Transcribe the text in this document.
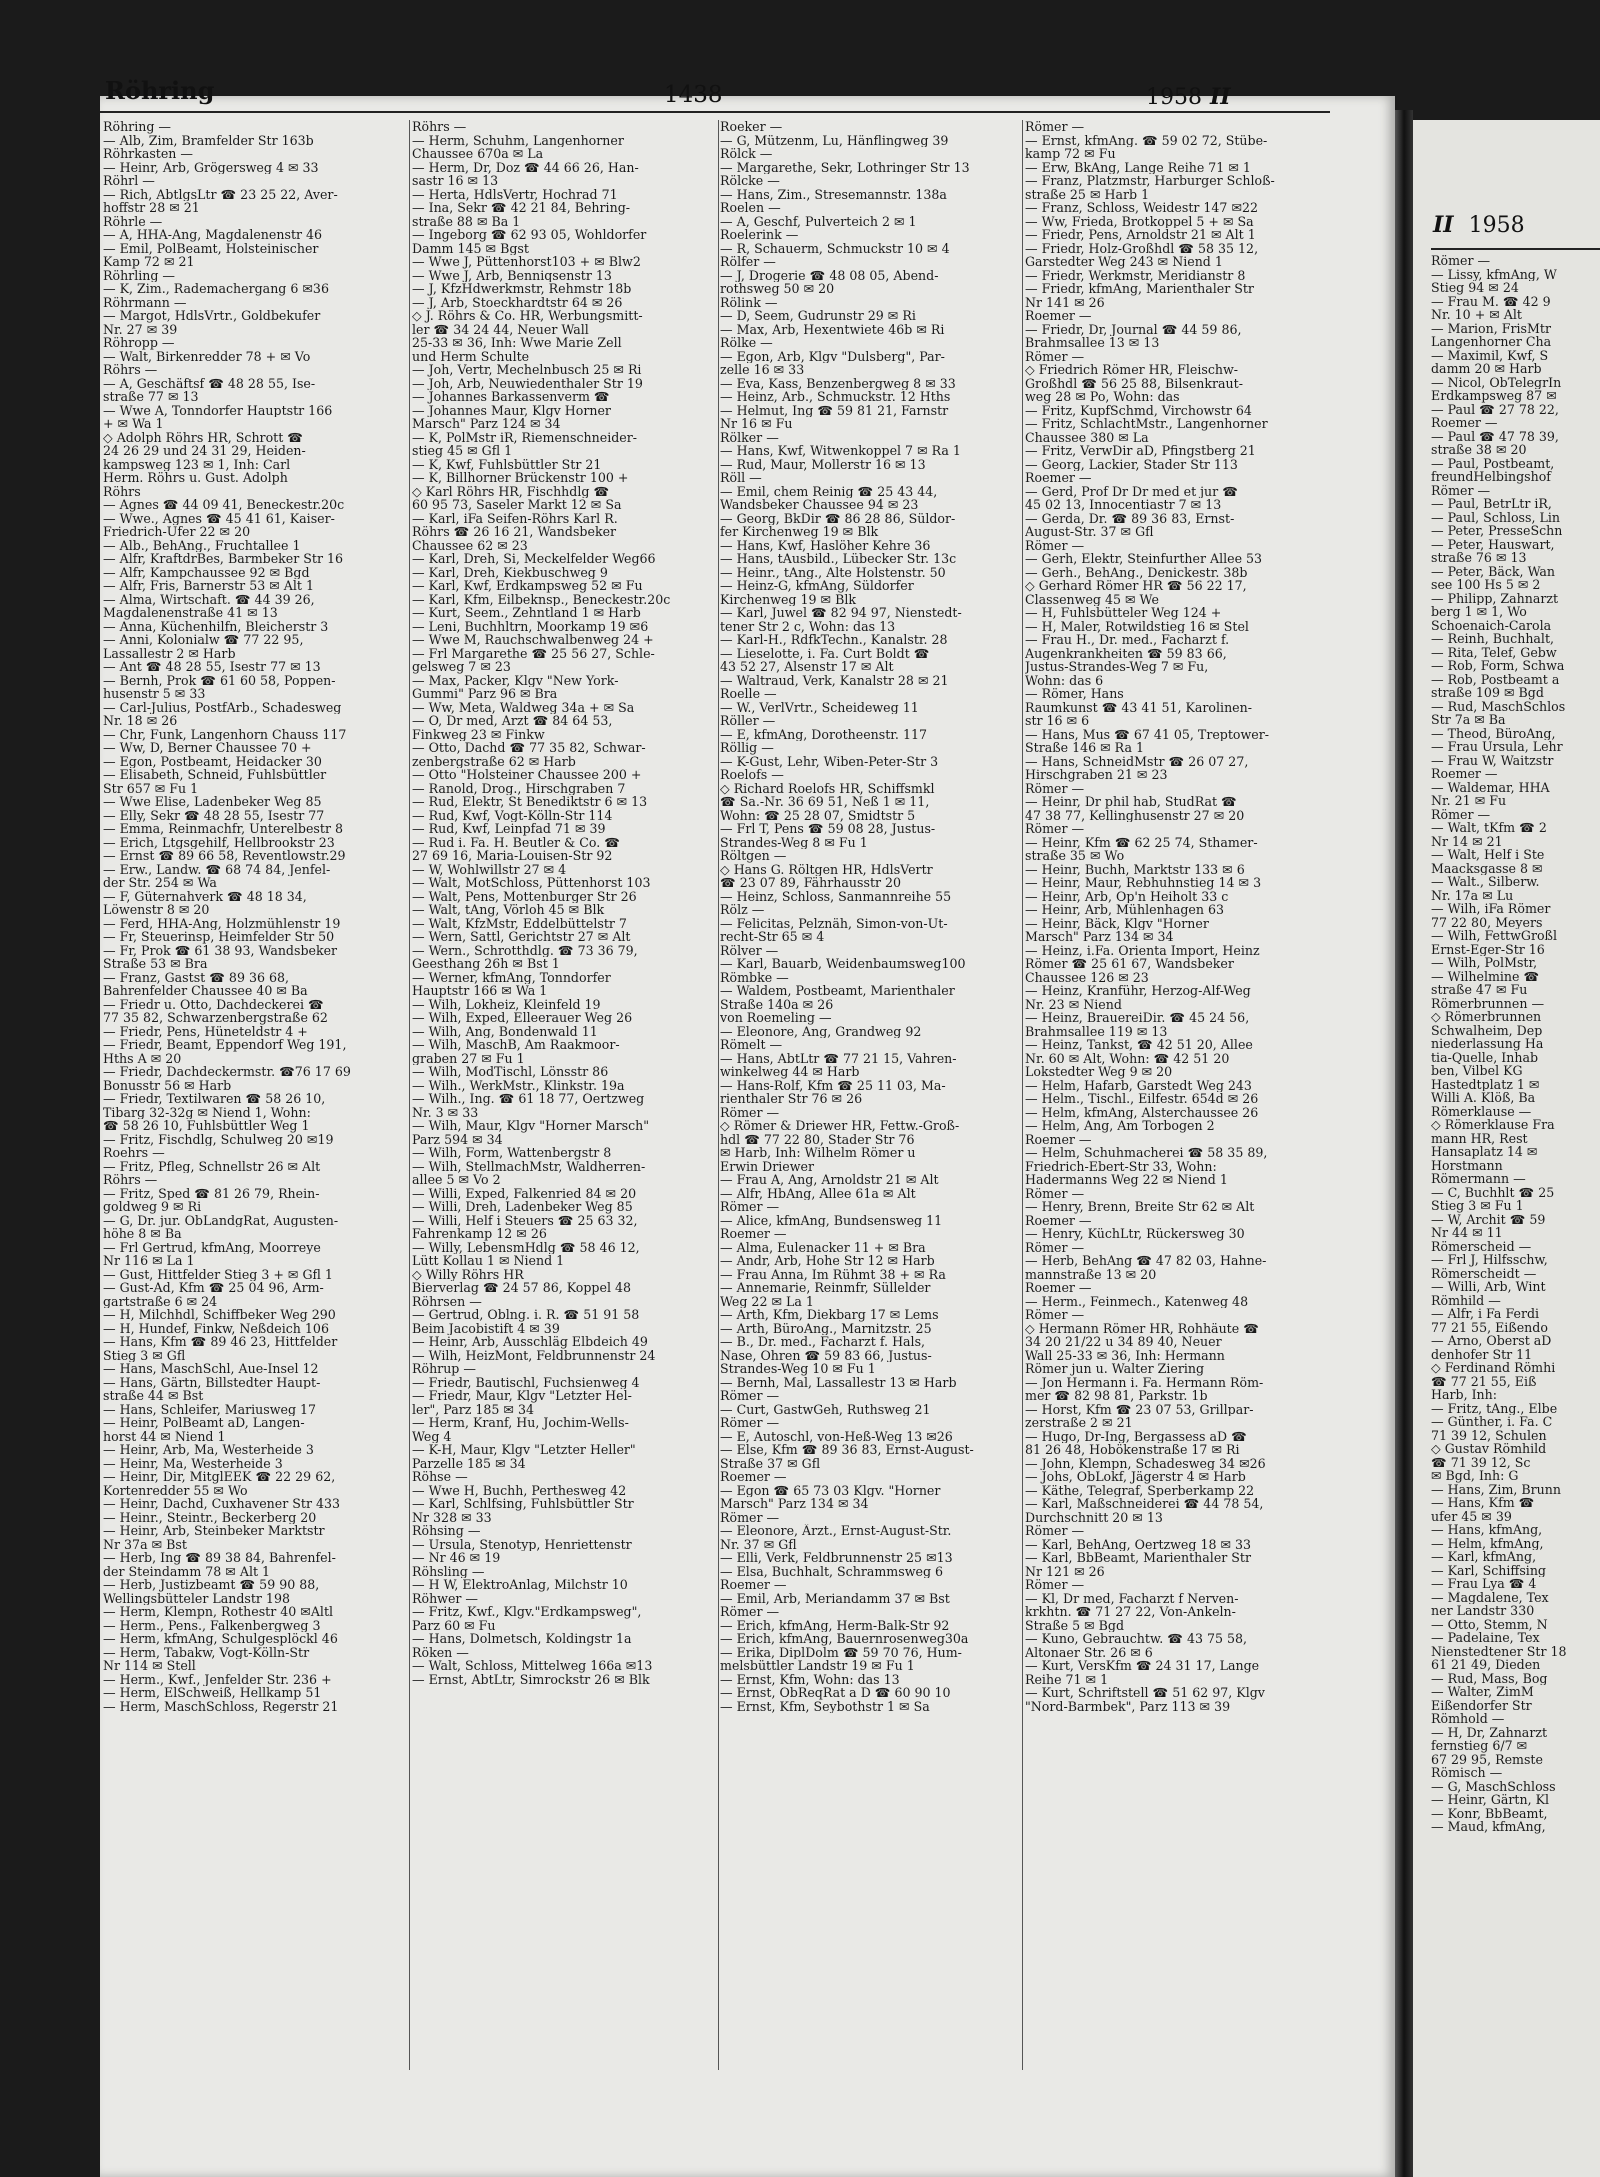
II 1958
Römer —
— Lissy, kfmAng, W
Stieg 94 ✉ 24
— Frau M. ☎ 42 9
Nr. 10 + ✉ Alt
— Marion, FrisMtr
Langenhorner Cha
— Maximil, Kwf, S
damm 20 ✉ Harb
— Nicol, ObTelegrIn
Erdkampsweg 87 ✉
— Paul ☎ 27 78 22,
Roemer —
— Paul ☎ 47 78 39,
straße 38 ✉ 20
— Paul, Postbeamt,
freundHelbingshof
Römer —
— Paul, BetrLtr iR,
— Paul, Schloss, Lin
— Peter, PresseSchn
— Peter, Hauswart,
straße 76 ✉ 13
— Peter, Bäck, Wan
see 100 Hs 5 ✉ 2
— Philipp, Zahnarzt
berg 1 ✉ 1, Wo
Schoenaich-Carola
— Reinh, Buchhalt,
— Rita, Telef, Gebw
— Rob, Form, Schwa
— Rob, Postbeamt a
straße 109 ✉ Bgd
— Rud, MaschSchlos
Str 7a ✉ Ba
— Theod, BüroAng,
— Frau Ursula, Lehr
— Frau W, Waitzstr
Roemer —
— Waldemar, HHA
Nr. 21 ✉ Fu
Römer —
— Walt, tKfm ☎ 2
Nr 14 ✉ 21
— Walt, Helf i Ste
Maacksgasse 8 ✉
— Walt., Silberw.
Nr. 17a ✉ Lu
— Wilh, iFa Römer
77 22 80, Meyers
— Wilh, FettwGroßl
Ernst-Eger-Str 16
— Wilh, PolMstr,
— Wilhelmine ☎
straße 47 ✉ Fu
Römerbrunnen —
◇ Römerbrunnen
Schwalheim, Dep
niederlassung Ha
tia-Quelle, Inhab
ben, Vilbel KG
Hastedtplatz 1 ✉
Willi A. Klöß, Ba
Römerklause —
◇ Römerklause Fra
mann HR, Rest
Hansaplatz 14 ✉
Horstmann
Römermann —
— C, Buchhlt ☎ 25
Stieg 3 ✉ Fu 1
— W, Archit ☎ 59
Nr 44 ✉ 11
Römerscheid —
— Frl J, Hilfsschw,
Römerscheidt —
— Willi, Arb, Wint
Römhild —
— Alfr, i Fa Ferdi
77 21 55, Eißendo
— Arno, Oberst aD
denhofer Str 11
◇ Ferdinand Römhi
☎ 77 21 55, Eiß
Harb, Inh:
— Fritz, tAng., Elbe
— Günther, i. Fa. C
71 39 12, Schulen
◇ Gustav Römhild
☎ 71 39 12, Sc
✉ Bgd, Inh: G
— Hans, Zim, Brunn
— Hans, Kfm ☎
ufer 45 ✉ 39
— Hans, kfmAng,
— Helm, kfmAng,
— Karl, kfmAng,
— Karl, Schiffsing
— Frau Lya ☎ 4
— Magdalene, Tex
ner Landstr 330
— Otto, Stemm, N
— Padelaine, Tex
Nienstedtener Str 18
61 21 49, Dieden
— Rud, Mass, Bog
— Walter, ZimM
Eißendorfer Str
Römhold —
— H, Dr, Zahnarzt
fernstieg 6/7 ✉
67 29 95, Remste
Römisch —
— G, MaschSchloss
— Heinr, Gärtn, Kl
— Konr, BbBeamt,
— Maud, kfmAng,
Röhring	1438	1958 II
Röhring —
— Alb, Zim, Bramfelder Str 163b
Röhrkasten —
— Heinr, Arb, Grögersweg 4 ✉ 33
Röhrl —
— Rich, AbtlgsLtr ☎ 23 25 22, Aver-
hoffstr 28 ✉ 21
Röhrle —
— A, HHA-Ang, Magdalenenstr 46
— Emil, PolBeamt, Holsteinischer
Kamp 72 ✉ 21
Röhrling —
— K, Zim., Rademachergang 6 ✉36
Röhrmann —
— Margot, HdlsVrtr., Goldbekufer
Nr. 27 ✉ 39
Röhropp —
— Walt, Birkenredder 78 + ✉ Vo
Röhrs —
— A, Geschäftsf ☎ 48 28 55, Ise-
straße 77 ✉ 13
— Wwe A, Tonndorfer Hauptstr 166
+ ✉ Wa 1
◇ Adolph Röhrs HR, Schrott ☎
24 26 29 und 24 31 29, Heiden-
kampsweg 123 ✉ 1, Inh: Carl
Herm. Röhrs u. Gust. Adolph
Röhrs
— Agnes ☎ 44 09 41, Beneckestr.20c
— Wwe., Agnes ☎ 45 41 61, Kaiser-
Friedrich-Ufer 22 ✉ 20
— Alb., BehAng., Fruchtallee 1
— Alfr, KraftdrBes, Barmbeker Str 16
— Alfr, Kampchaussee 92 ✉ Bgd
— Alfr, Fris, Barnerstr 53 ✉ Alt 1
— Alma, Wirtschaft. ☎ 44 39 26,
Magdalenenstraße 41 ✉ 13
— Anna, Küchenhilfn, Bleicherstr 3
— Anni, Kolonialw ☎ 77 22 95,
Lassallestr 2 ✉ Harb
— Ant ☎ 48 28 55, Isestr 77 ✉ 13
— Bernh, Prok ☎ 61 60 58, Poppen-
husenstr 5 ✉ 33
— Carl-Julius, PostfArb., Schadesweg
Nr. 18 ✉ 26
— Chr, Funk, Langenhorn Chauss 117
— Ww, D, Berner Chaussee 70 +
— Egon, Postbeamt, Heidacker 30
— Elisabeth, Schneid, Fuhlsbüttler
Str 657 ✉ Fu 1
— Wwe Elise, Ladenbeker Weg 85
— Elly, Sekr ☎ 48 28 55, Isestr 77
— Emma, Reinmachfr, Unterelbestr 8
— Erich, Ltgsgehilf, Hellbrookstr 23
— Ernst ☎ 89 66 58, Reventlowstr.29
— Erw., Landw. ☎ 68 74 84, Jenfel-
der Str. 254 ✉ Wa
— F, Güternahverk ☎ 48 18 34,
Löwenstr 8 ✉ 20
— Ferd, HHA-Ang, Holzmühlenstr 19
— Fr, Steuerinsp, Heimfelder Str 50
— Fr, Prok ☎ 61 38 93, Wandsbeker
Straße 53 ✉ Bra
— Franz, Gastst ☎ 89 36 68,
Bahrenfelder Chaussee 40 ✉ Ba
— Friedr u. Otto, Dachdeckerei ☎
77 35 82, Schwarzenbergstraße 62
— Friedr, Pens, Hüneteldstr 4 +
— Friedr, Beamt, Eppendorf Weg 191,
Hths A ✉ 20
— Friedr, Dachdeckermstr. ☎76 17 69
Bonusstr 56 ✉ Harb
— Friedr, Textilwaren ☎ 58 26 10,
Tibarg 32-32g ✉ Niend 1, Wohn:
☎ 58 26 10, Fuhlsbüttler Weg 1
— Fritz, Fischdlg, Schulweg 20 ✉19
Roehrs —
— Fritz, Pfleg, Schnellstr 26 ✉ Alt
Röhrs —
— Fritz, Sped ☎ 81 26 79, Rhein-
goldweg 9 ✉ Ri
— G, Dr. jur. ObLandgRat, Augusten-
höhe 8 ✉ Ba
— Frl Gertrud, kfmAng, Moorreye
Nr 116 ✉ La 1
— Gust, Hittfelder Stieg 3 + ✉ Gfl 1
— Gust-Ad, Kfm ☎ 25 04 96, Arm-
gartstraße 6 ✉ 24
— H, Milchhdl, Schiffbeker Weg 290
— H, Hundef, Finkw, Neßdeich 106
— Hans, Kfm ☎ 89 46 23, Hittfelder
Stieg 3 ✉ Gfl
— Hans, MaschSchl, Aue-Insel 12
— Hans, Gärtn, Billstedter Haupt-
straße 44 ✉ Bst
— Hans, Schleifer, Mariusweg 17
— Heinr, PolBeamt aD, Langen-
horst 44 ✉ Niend 1
— Heinr, Arb, Ma, Westerheide 3
— Heinr, Ma, Westerheide 3
— Heinr, Dir, MitglEEK ☎ 22 29 62,
Kortenredder 55 ✉ Wo
— Heinr, Dachd, Cuxhavener Str 433
— Heinr., Steintr., Beckerberg 20
— Heinr, Arb, Steinbeker Marktstr
Nr 37a ✉ Bst
— Herb, Ing ☎ 89 38 84, Bahrenfel-
der Steindamm 78 ✉ Alt 1
— Herb, Justizbeamt ☎ 59 90 88,
Wellingsbütteler Landstr 198
— Herm, Klempn, Rothestr 40 ✉Altl
— Herm., Pens., Falkenbergweg 3
— Herm, kfmAng, Schulgesplöckl 46
— Herm, Tabakw, Vogt-Kölln-Str
Nr 114 ✉ Stell
— Herm., Kwf., Jenfelder Str. 236 +
— Herm, ElSchweiß, Hellkamp 51
— Herm, MaschSchloss, Regerstr 21
Röhrs —
— Herm, Schuhm, Langenhorner
Chaussee 670a ✉ La
— Herm, Dr, Doz ☎ 44 66 26, Han-
sastr 16 ✉ 13
— Herta, HdlsVertr, Hochrad 71
— Ina, Sekr ☎ 42 21 84, Behring-
straße 88 ✉ Ba 1
— Ingeborg ☎ 62 93 05, Wohldorfer
Damm 145 ✉ Bgst
— Wwe J, Püttenhorst103 + ✉ Blw2
— Wwe J, Arb, Benniqsenstr 13
— J, KfzHdwerkmstr, Rehmstr 18b
— J, Arb, Stoeckhardtstr 64 ✉ 26
◇ J. Röhrs & Co. HR, Werbungsmitt-
ler ☎ 34 24 44, Neuer Wall
25-33 ✉ 36, Inh: Wwe Marie Zell
und Herm Schulte
— Joh, Vertr, Mechelnbusch 25 ✉ Ri
— Joh, Arb, Neuwiedenthaler Str 19
— Johannes Barkassenverm ☎
— Johannes Maur, Klgv Horner
Marsch" Parz 124 ✉ 34
— K, PolMstr iR, Riemenschneider-
stieg 45 ✉ Gfl 1
— K, Kwf, Fuhlsbüttler Str 21
— K, Billhorner Brückenstr 100 +
◇ Karl Röhrs HR, Fischhdlg ☎
60 95 73, Saseler Markt 12 ✉ Sa
— Karl, iFa Seifen-Röhrs Karl R.
Röhrs ☎ 26 16 21, Wandsbeker
Chaussee 62 ✉ 23
— Karl, Dreh, Si, Meckelfelder Weg66
— Karl, Dreh, Kiekbuschweg 9
— Karl, Kwf, Erdkampsweg 52 ✉ Fu
— Karl, Kfm, Eilbeknsp., Beneckestr.20c
— Kurt, Seem., Zehntland 1 ✉ Harb
— Leni, Buchhltrn, Moorkamp 19 ✉6
— Wwe M, Rauchschwalbenweg 24 +
— Frl Margarethe ☎ 25 56 27, Schle-
gelsweg 7 ✉ 23
— Max, Packer, Klgv "New York-
Gummi" Parz 96 ✉ Bra
— Ww, Meta, Waldweg 34a + ✉ Sa
— O, Dr med, Arzt ☎ 84 64 53,
Finkweg 23 ✉ Finkw
— Otto, Dachd ☎ 77 35 82, Schwar-
zenbergstraße 62 ✉ Harb
— Otto "Holsteiner Chaussee 200 +
— Ranold, Drog., Hirschgraben 7
— Rud, Elektr, St Benediktstr 6 ✉ 13
— Rud, Kwf, Vogt-Kölln-Str 114
— Rud, Kwf, Leinpfad 71 ✉ 39
— Rud i. Fa. H. Beutler & Co. ☎
27 69 16, Maria-Louisen-Str 92
— W, Wohlwillstr 27 ✉ 4
— Walt, MotSchloss, Püttenhorst 103
— Walt, Pens, Mottenburger Str 26
— Walt, tAng, Vörloh 45 ✉ Blk
— Walt, KfzMstr, Eddelbüttelstr 7
— Wern, Sattl, Gerichtstr 27 ✉ Alt
— Wern., Schrotthdlg. ☎ 73 36 79,
Geesthang 26h ✉ Bst 1
— Werner, kfmAng, Tonndorfer
Hauptstr 166 ✉ Wa 1
— Wilh, Lokheiz, Kleinfeld 19
— Wilh, Exped, Elleerauer Weg 26
— Wilh, Ang, Bondenwald 11
— Wilh, MaschB, Am Raakmoor-
graben 27 ✉ Fu 1
— Wilh, ModTischl, Lönsstr 86
— Wilh., WerkMstr., Klinkstr. 19a
— Wilh., Ing. ☎ 61 18 77, Oertzweg
Nr. 3 ✉ 33
— Wilh, Maur, Klgv "Horner Marsch"
Parz 594 ✉ 34
— Wilh, Form, Wattenbergstr 8
— Wilh, StellmachMstr, Waldherren-
allee 5 ✉ Vo 2
— Willi, Exped, Falkenried 84 ✉ 20
— Willi, Dreh, Ladenbeker Weg 85
— Willi, Helf i Steuers ☎ 25 63 32,
Fahrenkamp 12 ✉ 26
— Willy, LebensmHdlg ☎ 58 46 12,
Lütt Kollau 1 ✉ Niend 1
◇ Willy Röhrs HR
Bierverlag ☎ 24 57 86, Koppel 48
Röhrsen —
— Gertrud, Oblng. i. R. ☎ 51 91 58
Beim Jacobistift 4 ✉ 39
— Heinr, Arb, Ausschläg Elbdeich 49
— Wilh, HeizMont, Feldbrunnenstr 24
Röhrup —
— Friedr, Bautischl, Fuchsienweg 4
— Friedr, Maur, Klgv "Letzter Hel-
ler", Parz 185 ✉ 34
— Herm, Kranf, Hu, Jochim-Wells-
Weg 4
— K-H, Maur, Klgv "Letzter Heller"
Parzelle 185 ✉ 34
Röhse —
— Wwe H, Buchh, Perthesweg 42
— Karl, Schlfsing, Fuhlsbüttler Str
Nr 328 ✉ 33
Röhsing —
— Ursula, Stenotyp, Henriettenstr
— Nr 46 ✉ 19
Röhsling —
— H W, ElektroAnlag, Milchstr 10
Röhwer —
— Fritz, Kwf., Klgv."Erdkampsweg",
Parz 60 ✉ Fu
— Hans, Dolmetsch, Koldingstr 1a
Röken —
— Walt, Schloss, Mittelweg 166a ✉13
— Ernst, AbtLtr, Simrockstr 26 ✉ Blk
Roeker —
— G, Mützenm, Lu, Hänflingweg 39
Rölck —
— Margarethe, Sekr, Lothringer Str 13
Rölcke —
— Hans, Zim., Stresemannstr. 138a
Roelen —
— A, Geschf, Pulverteich 2 ✉ 1
Roelerink —
— R, Schauerm, Schmuckstr 10 ✉ 4
Rölfer —
— J, Drogerie ☎ 48 08 05, Abend-
rothsweg 50 ✉ 20
Rölink —
— D, Seem, Gudrunstr 29 ✉ Ri
— Max, Arb, Hexentwiete 46b ✉ Ri
Rölke —
— Egon, Arb, Klgv "Dulsberg", Par-
zelle 16 ✉ 33
— Eva, Kass, Benzenbergweg 8 ✉ 33
— Heinz, Arb., Schmuckstr. 12 Hths
— Helmut, Ing ☎ 59 81 21, Farnstr
Nr 16 ✉ Fu
Rölker —
— Hans, Kwf, Witwenkoppel 7 ✉ Ra 1
— Rud, Maur, Mollerstr 16 ✉ 13
Röll —
— Emil, chem Reinig ☎ 25 43 44,
Wandsbeker Chaussee 94 ✉ 23
— Georg, BkDir ☎ 86 28 86, Süldor-
fer Kirchenweg 19 ✉ Blk
— Hans, Kwf, Haslöher Kehre 36
— Hans, tAusbild., Lübecker Str. 13c
— Heinr., tAng., Alte Holstenstr. 50
— Heinz-G, kfmAng, Süldorfer
Kirchenweg 19 ✉ Blk
— Karl, Juwel ☎ 82 94 97, Nienstedt-
tener Str 2 c, Wohn: das 13
— Karl-H., RdfkTechn., Kanalstr. 28
— Lieselotte, i. Fa. Curt Boldt ☎
43 52 27, Alsenstr 17 ✉ Alt
— Waltraud, Verk, Kanalstr 28 ✉ 21
Roelle —
— W., VerlVrtr., Scheideweg 11
Röller —
— E, kfmAng, Dorotheenstr. 117
Röllig —
— K-Gust, Lehr, Wiben-Peter-Str 3
Roelofs —
◇ Richard Roelofs HR, Schiffsmkl
☎ Sa.-Nr. 36 69 51, Neß 1 ✉ 11,
Wohn: ☎ 25 28 07, Smidtstr 5
— Frl T, Pens ☎ 59 08 28, Justus-
Strandes-Weg 8 ✉ Fu 1
Röltgen —
◇ Hans G. Röltgen HR, HdlsVertr
☎ 23 07 89, Fährhausstr 20
— Heinz, Schloss, Sanmannreihe 55
Rölz —
— Felicitas, Pelznäh, Simon-von-Ut-
recht-Str 65 ✉ 4
Rölver —
— Karl, Bauarb, Weidenbaumsweg100
Römbke —
— Waldem, Postbeamt, Marienthaler
Straße 140a ✉ 26
von Roemeling —
— Eleonore, Ang, Grandweg 92
Römelt —
— Hans, AbtLtr ☎ 77 21 15, Vahren-
winkelweg 44 ✉ Harb
— Hans-Rolf, Kfm ☎ 25 11 03, Ma-
rienthaler Str 76 ✉ 26
Römer —
◇ Römer & Driewer HR, Fettw.-Groß-
hdl ☎ 77 22 80, Stader Str 76
✉ Harb, Inh: Wilhelm Römer u
Erwin Driewer
— Frau A, Ang, Arnoldstr 21 ✉ Alt
— Alfr, HbAng, Allee 61a ✉ Alt
Römer —
— Alice, kfmAng, Bundsensweg 11
Roemer —
— Alma, Eulenacker 11 + ✉ Bra
— Andr, Arb, Hohe Str 12 ✉ Harb
— Frau Anna, Im Rühmt 38 + ✉ Ra
— Annemarie, Reinmfr, Süllelder
Weg 22 ✉ La 1
— Arth, Kfm, Diekbarg 17 ✉ Lems
— Arth, BüroAng., Marnitzstr. 25
— B., Dr. med., Facharzt f. Hals,
Nase, Ohren ☎ 59 83 66, Justus-
Strandes-Weg 10 ✉ Fu 1
— Bernh, Mal, Lassallestr 13 ✉ Harb
Römer —
— Curt, GastwGeh, Ruthsweg 21
Römer —
— E, Autoschl, von-Heß-Weg 13 ✉26
— Else, Kfm ☎ 89 36 83, Ernst-August-
Straße 37 ✉ Gfl
Roemer —
— Egon ☎ 65 73 03 Klgv. "Horner
Marsch" Parz 134 ✉ 34
Römer —
— Eleonore, Ärzt., Ernst-August-Str.
Nr. 37 ✉ Gfl
— Elli, Verk, Feldbrunnenstr 25 ✉13
— Elsa, Buchhalt, Schrammsweg 6
Roemer —
— Emil, Arb, Meriandamm 37 ✉ Bst
Römer —
— Erich, kfmAng, Herm-Balk-Str 92
— Erich, kfmAng, Bauernrosenweg30a
— Erika, DiplDolm ☎ 59 70 76, Hum-
melsbüttler Landstr 19 ✉ Fu 1
— Ernst, Kfm, Wohn: das 13
— Ernst, ObReqRat a D ☎ 60 90 10
— Ernst, Kfm, Seybothstr 1 ✉ Sa
Römer —
— Ernst, kfmAng. ☎ 59 02 72, Stübe-
kamp 72 ✉ Fu
— Erw, BkAng, Lange Reihe 71 ✉ 1
— Franz, Platzmstr, Harburger Schloß-
straße 25 ✉ Harb 1
— Franz, Schloss, Weidestr 147 ✉22
— Ww, Frieda, Brotkoppel 5 + ✉ Sa
— Friedr, Pens, Arnoldstr 21 ✉ Alt 1
— Friedr, Holz-Großhdl ☎ 58 35 12,
Garstedter Weg 243 ✉ Niend 1
— Friedr, Werkmstr, Meridianstr 8
— Friedr, kfmAng, Marienthaler Str
Nr 141 ✉ 26
Roemer —
— Friedr, Dr, Journal ☎ 44 59 86,
Brahmsallee 13 ✉ 13
Römer —
◇ Friedrich Römer HR, Fleischw-
Großhdl ☎ 56 25 88, Bilsenkraut-
weg 28 ✉ Po, Wohn: das
— Fritz, KupfSchmd, Virchowstr 64
— Fritz, SchlachtMstr., Langenhorner
Chaussee 380 ✉ La
— Fritz, VerwDir aD, Pfingstberg 21
— Georg, Lackier, Stader Str 113
Roemer —
— Gerd, Prof Dr Dr med et jur ☎
45 02 13, Innocentiastr 7 ✉ 13
— Gerda, Dr. ☎ 89 36 83, Ernst-
August-Str. 37 ✉ Gfl
Römer —
— Gerh, Elektr, Steinfurther Allee 53
— Gerh., BehAng., Denickestr. 38b
◇ Gerhard Römer HR ☎ 56 22 17,
Classenweg 45 ✉ We
— H, Fuhlsbütteler Weg 124 +
— H, Maler, Rotwildstieg 16 ✉ Stel
— Frau H., Dr. med., Facharzt f.
Augenkrankheiten ☎ 59 83 66,
Justus-Strandes-Weg 7 ✉ Fu,
Wohn: das 6
— Römer, Hans
Raumkunst ☎ 43 41 51, Karolinen-
str 16 ✉ 6
— Hans, Mus ☎ 67 41 05, Treptower-
Straße 146 ✉ Ra 1
— Hans, SchneidMstr ☎ 26 07 27,
Hirschgraben 21 ✉ 23
Römer —
— Heinr, Dr phil hab, StudRat ☎
47 38 77, Kellinghusenstr 27 ✉ 20
Römer —
— Heinr, Kfm ☎ 62 25 74, Sthamer-
straße 35 ✉ Wo
— Heinr, Buchh, Marktstr 133 ✉ 6
— Heinr, Maur, Rebhuhnstieg 14 ✉ 3
— Heinr, Arb, Op'n Heiholt 33 c
— Heinr, Arb, Mühlenhagen 63
— Heinr, Bäck, Klgv "Horner
Marsch" Parz 134 ✉ 34
— Heinz, i.Fa. Orienta Import, Heinz
Römer ☎ 25 61 67, Wandsbeker
Chaussee 126 ✉ 23
— Heinz, Kranführ, Herzog-Alf-Weg
Nr. 23 ✉ Niend
— Heinz, BrauereiDir. ☎ 45 24 56,
Brahmsallee 119 ✉ 13
— Heinz, Tankst, ☎ 42 51 20, Allee
Nr. 60 ✉ Alt, Wohn: ☎ 42 51 20
Lokstedter Weg 9 ✉ 20
— Helm, Hafarb, Garstedt Weg 243
— Helm., Tischl., Eilfestr. 654d ✉ 26
— Helm, kfmAng, Alsterchaussee 26
— Helm, Ang, Am Torbogen 2
Roemer —
— Helm, Schuhmacherei ☎ 58 35 89,
Friedrich-Ebert-Str 33, Wohn:
Hadermanns Weg 22 ✉ Niend 1
Römer —
— Henry, Brenn, Breite Str 62 ✉ Alt
Roemer —
— Henry, KüchLtr, Rückersweg 30
Römer —
— Herb, BehAng ☎ 47 82 03, Hahne-
mannstraße 13 ✉ 20
Roemer —
— Herm., Feinmech., Katenweg 48
Römer —
◇ Hermann Römer HR, Rohhäute ☎
34 20 21/22 u 34 89 40, Neuer
Wall 25-33 ✉ 36, Inh: Hermann
Römer jun u. Walter Ziering
— Jon Hermann i. Fa. Hermann Röm-
mer ☎ 82 98 81, Parkstr. 1b
— Horst, Kfm ☎ 23 07 53, Grillpar-
zerstraße 2 ✉ 21
— Hugo, Dr-Ing, Bergassess aD ☎
81 26 48, Hobökenstraße 17 ✉ Ri
— John, Klempn, Schadesweg 34 ✉26
— Johs, ObLokf, Jägerstr 4 ✉ Harb
— Käthe, Telegraf, Sperberkamp 22
— Karl, Maßschneiderei ☎ 44 78 54,
Durchschnitt 20 ✉ 13
Römer —
— Karl, BehAng, Oertzweg 18 ✉ 33
— Karl, BbBeamt, Marienthaler Str
Nr 121 ✉ 26
Römer —
— Kl, Dr med, Facharzt f Nerven-
krkhtn. ☎ 71 27 22, Von-Ankeln-
Straße 5 ✉ Bgd
— Kuno, Gebrauchtw. ☎ 43 75 58,
Altonaer Str. 26 ✉ 6
— Kurt, VersKfm ☎ 24 31 17, Lange
Reihe 71 ✉ 1
— Kurt, Schriftstell ☎ 51 62 97, Klgv
"Nord-Barmbek", Parz 113 ✉ 39
